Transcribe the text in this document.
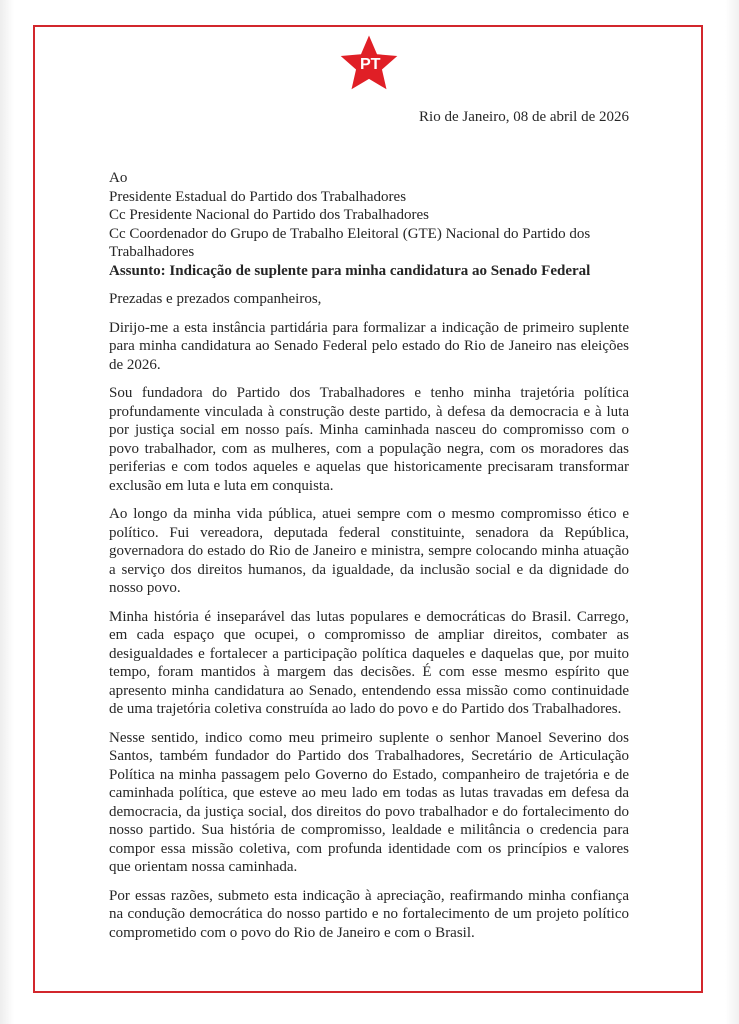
PT
Rio de Janeiro, 08 de abril de 2026
Ao
Presidente Estadual do Partido dos Trabalhadores
Cc Presidente Nacional do Partido dos Trabalhadores
Cc Coordenador do Grupo de Trabalho Eleitoral (GTE) Nacional do Partido dos Trabalhadores
Assunto: Indicação de suplente para minha candidatura ao Senado Federal
Prezadas e prezados companheiros,

Dirijo-me a esta instância partidária para formalizar a indicação de primeiro suplente para minha candidatura ao Senado Federal pelo estado do Rio de Janeiro nas eleições de 2026.

Sou fundadora do Partido dos Trabalhadores e tenho minha trajetória política profundamente vinculada à construção deste partido, à defesa da democracia e à luta por justiça social em nosso país. Minha caminhada nasceu do compromisso com o povo trabalhador, com as mulheres, com a população negra, com os moradores das periferias e com todos aqueles e aquelas que historicamente precisaram transformar exclusão em luta e luta em conquista.

Ao longo da minha vida pública, atuei sempre com o mesmo compromisso ético e político. Fui vereadora, deputada federal constituinte, senadora da República, governadora do estado do Rio de Janeiro e ministra, sempre colocando minha atuação a serviço dos direitos humanos, da igualdade, da inclusão social e da dignidade do nosso povo.

Minha história é inseparável das lutas populares e democráticas do Brasil. Carrego, em cada espaço que ocupei, o compromisso de ampliar direitos, combater as desigualdades e fortalecer a participação política daqueles e daquelas que, por muito tempo, foram mantidos à margem das decisões. É com esse mesmo espírito que apresento minha candidatura ao Senado, entendendo essa missão como continuidade de uma trajetória coletiva construída ao lado do povo e do Partido dos Trabalhadores.

Nesse sentido, indico como meu primeiro suplente o senhor Manoel Severino dos Santos, também fundador do Partido dos Trabalhadores, Secretário de Articulação Política na minha passagem pelo Governo do Estado, companheiro de trajetória e de caminhada política, que esteve ao meu lado em todas as lutas travadas em defesa da democracia, da justiça social, dos direitos do povo trabalhador e do fortalecimento do nosso partido. Sua história de compromisso, lealdade e militância o credencia para compor essa missão coletiva, com profunda identidade com os princípios e valores que orientam nossa caminhada.

Por essas razões, submeto esta indicação à apreciação, reafirmando minha confiança na condução democrática do nosso partido e no fortalecimento de um projeto político comprometido com o povo do Rio de Janeiro e com o Brasil.
